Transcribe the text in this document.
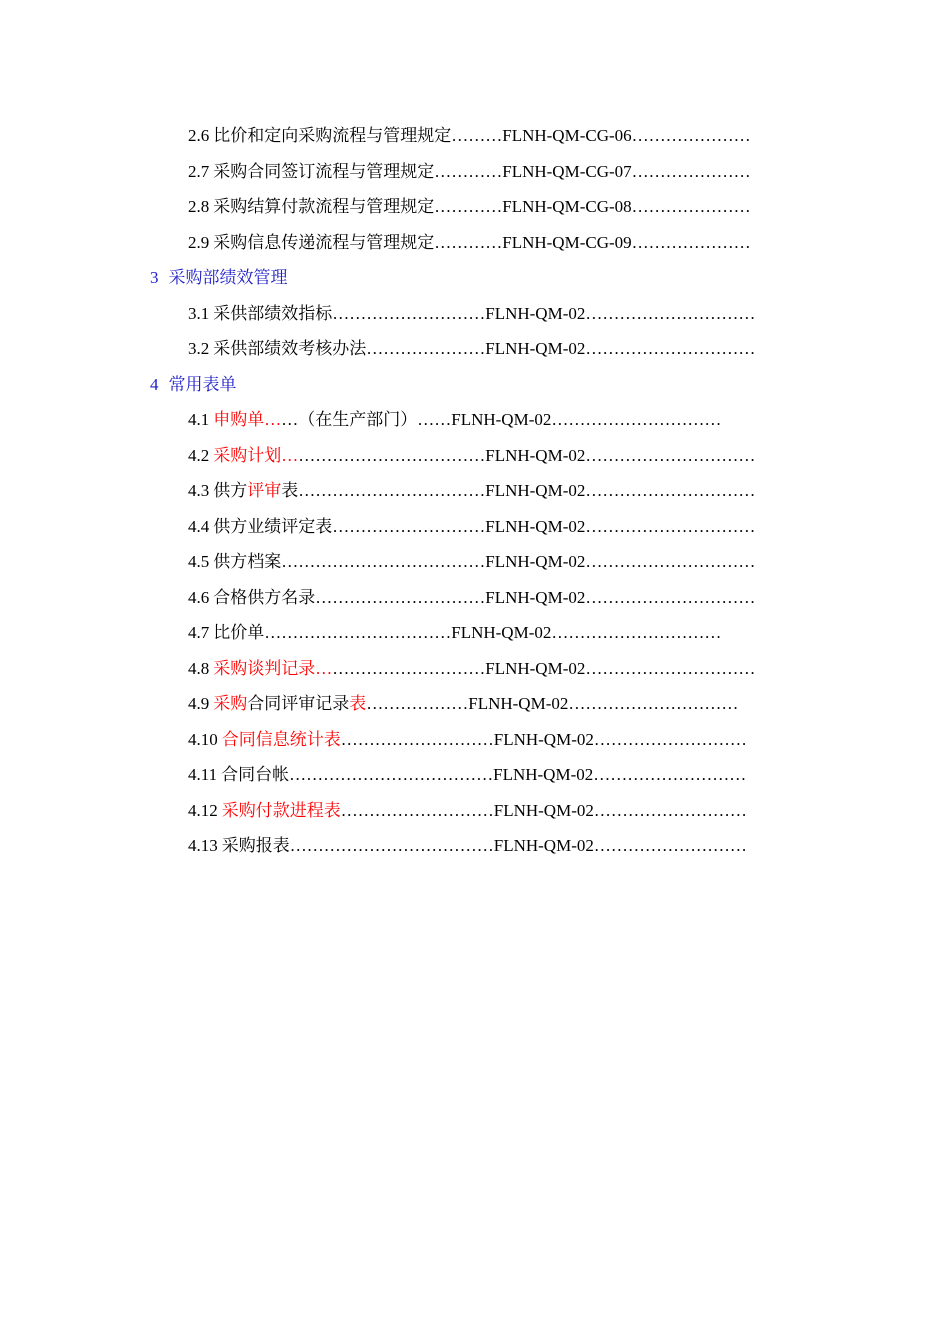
2.6 比价和定向采购流程与管理规定………FLNH-QM-CG-06…………………
2.7 采购合同签订流程与管理规定…………FLNH-QM-CG-07…………………
2.8 采购结算付款流程与管理规定…………FLNH-QM-CG-08…………………
2.9 采购信息传递流程与管理规定…………FLNH-QM-CG-09…………………
3 采购部绩效管理
3.1 采供部绩效指标………………………FLNH-QM-02…………………………
3.2 采供部绩效考核办法…………………FLNH-QM-02…………………………
4 常用表单
4.1 申购单……（在生产部门）……FLNH-QM-02…………………………
4.2 采购计划………………………………FLNH-QM-02…………………………
4.3 供方评审表……………………………FLNH-QM-02…………………………
4.4 供方业绩评定表………………………FLNH-QM-02…………………………
4.5 供方档案………………………………FLNH-QM-02…………………………
4.6 合格供方名录…………………………FLNH-QM-02…………………………
4.7 比价单……………………………FLNH-QM-02…………………………
4.8 采购谈判记录…………………………FLNH-QM-02…………………………
4.9 采购合同评审记录表………………FLNH-QM-02…………………………
4.10 合同信息统计表………………………FLNH-QM-02………………………
4.11 合同台帐………………………………FLNH-QM-02………………………
4.12 采购付款进程表………………………FLNH-QM-02………………………
4.13 采购报表………………………………FLNH-QM-02………………………
